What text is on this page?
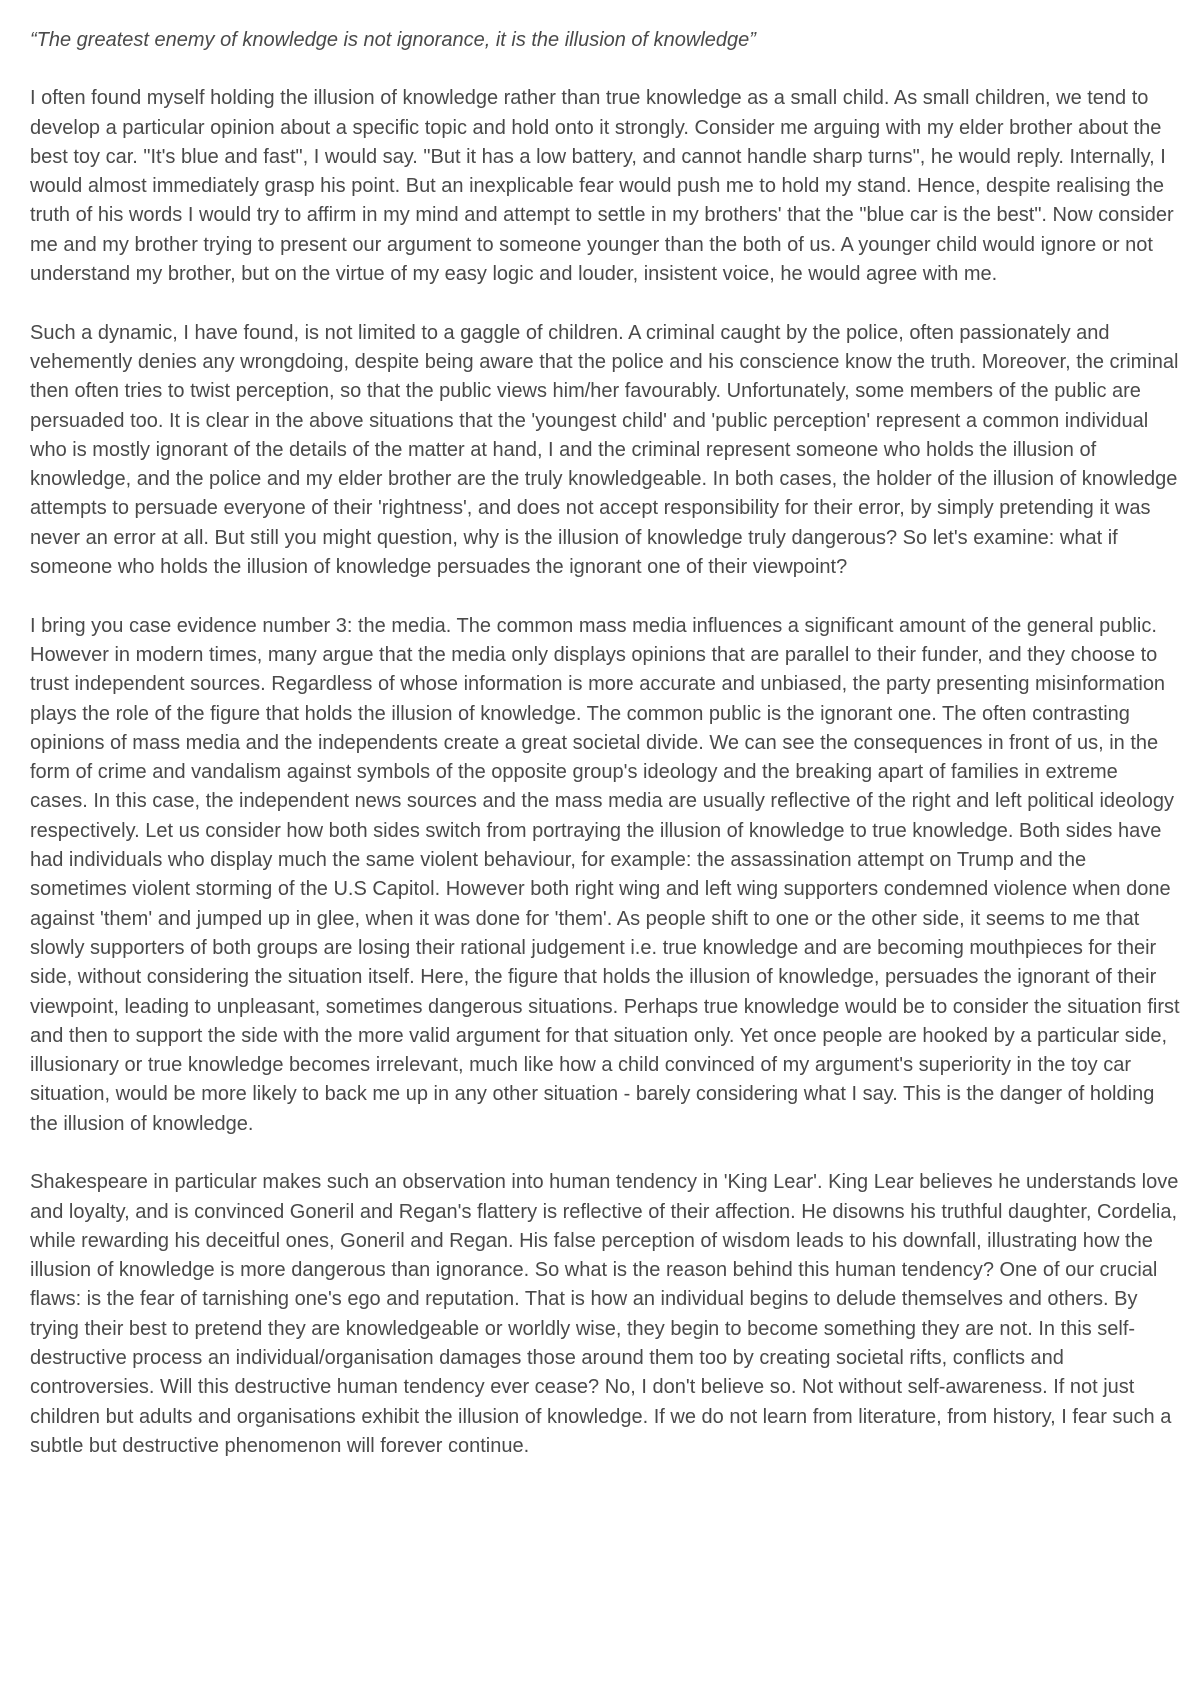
“The greatest enemy of knowledge is not ignorance, it is the illusion of knowledge”

I often found myself holding the illusion of knowledge rather than true knowledge as a small child. As small children, we tend to develop a particular opinion about a specific topic and hold onto it strongly. Consider me arguing with my elder brother about the best toy car. "It's blue and fast", I would say. "But it has a low battery, and cannot handle sharp turns", he would reply. Internally, I would almost immediately grasp his point. But an inexplicable fear would push me to hold my stand. Hence, despite realising the truth of his words I would try to affirm in my mind and attempt to settle in my brothers' that the "blue car is the best". Now consider me and my brother trying to present our argument to someone younger than the both of us. A younger child would ignore or not understand my brother, but on the virtue of my easy logic and louder, insistent voice, he would agree with me.

Such a dynamic, I have found, is not limited to a gaggle of children. A criminal caught by the police, often passionately and vehemently denies any wrongdoing, despite being aware that the police and his conscience know the truth. Moreover, the criminal then often tries to twist perception, so that the public views him/her favourably. Unfortunately, some members of the public are persuaded too. It is clear in the above situations that the 'youngest child' and 'public perception' represent a common individual who is mostly ignorant of the details of the matter at hand, I and the criminal represent someone who holds the illusion of knowledge, and the police and my elder brother are the truly knowledgeable. In both cases, the holder of the illusion of knowledge attempts to persuade everyone of their 'rightness', and does not accept responsibility for their error, by simply pretending it was never an error at all. But still you might question, why is the illusion of knowledge truly dangerous? So let's examine: what if someone who holds the illusion of knowledge persuades the ignorant one of their viewpoint?

I bring you case evidence number 3: the media. The common mass media influences a significant amount of the general public. However in modern times, many argue that the media only displays opinions that are parallel to their funder, and they choose to trust independent sources. Regardless of whose information is more accurate and unbiased, the party presenting misinformation plays the role of the figure that holds the illusion of knowledge. The common public is the ignorant one. The often contrasting opinions of mass media and the independents create a great societal divide. We can see the consequences in front of us, in the form of crime and vandalism against symbols of the opposite group's ideology and the breaking apart of families in extreme cases. In this case, the independent news sources and the mass media are usually reflective of the right and left political ideology respectively. Let us consider how both sides switch from portraying the illusion of knowledge to true knowledge. Both sides have had individuals who display much the same violent behaviour, for example: the assassination attempt on Trump and the sometimes violent storming of the U.S Capitol. However both right wing and left wing supporters condemned violence when done against 'them' and jumped up in glee, when it was done for 'them'. As people shift to one or the other side, it seems to me that slowly supporters of both groups are losing their rational judgement i.e. true knowledge and are becoming mouthpieces for their side, without considering the situation itself. Here, the figure that holds the illusion of knowledge, persuades the ignorant of their viewpoint, leading to unpleasant, sometimes dangerous situations. Perhaps true knowledge would be to consider the situation first and then to support the side with the more valid argument for that situation only. Yet once people are hooked by a particular side, illusionary or true knowledge becomes irrelevant, much like how a child convinced of my argument's superiority in the toy car situation, would be more likely to back me up in any other situation - barely considering what I say. This is the danger of holding the illusion of knowledge.

Shakespeare in particular makes such an observation into human tendency in 'King Lear'. King Lear believes he understands love and loyalty, and is convinced Goneril and Regan's flattery is reflective of their affection. He disowns his truthful daughter, Cordelia, while rewarding his deceitful ones, Goneril and Regan. His false perception of wisdom leads to his downfall, illustrating how the illusion of knowledge is more dangerous than ignorance. So what is the reason behind this human tendency? One of our crucial flaws: is the fear of tarnishing one's ego and reputation. That is how an individual begins to delude themselves and others. By trying their best to pretend they are knowledgeable or worldly wise, they begin to become something they are not. In this self-destructive process an individual/organisation damages those around them too by creating societal rifts, conflicts and controversies. Will this destructive human tendency ever cease? No, I don't believe so. Not without self-awareness. If not just children but adults and organisations exhibit the illusion of knowledge. If we do not learn from literature, from history, I fear such a subtle but destructive phenomenon will forever continue.
